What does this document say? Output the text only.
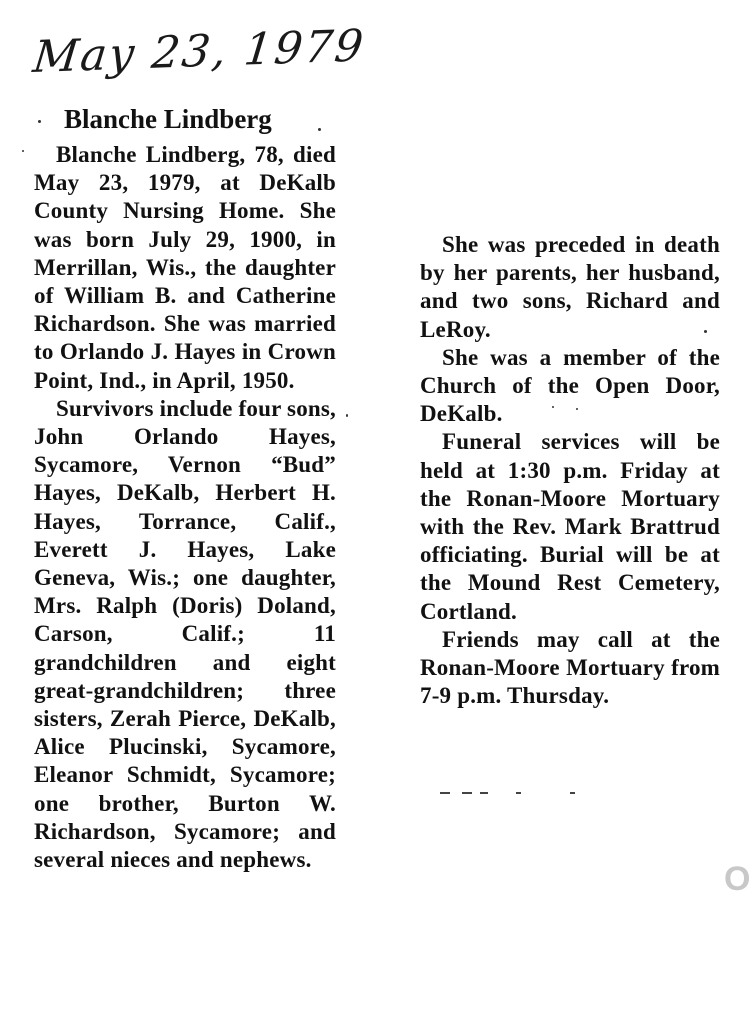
May 23, 1979
Blanche Lindberg

Blanche Lindberg, 78, died May 23, 1979, at DeKalb County Nursing Home. She was born July 29, 1900, in Merrillan, Wis., the daughter of William B. and Catherine Richardson. She was married to Orlando J. Hayes in Crown Point, Ind., in April, 1950.

Survivors include four sons, John Orlando Hayes, Sycamore, Vernon “Bud” Hayes, DeKalb, Herbert H. Hayes, Torrance, Calif., Everett J. Hayes, Lake Geneva, Wis.; one daughter, Mrs. Ralph (Doris) Doland, Carson, Calif.; 11 grandchildren and eight great-grandchildren; three sisters, Zerah Pierce, DeKalb, Alice Plucinski, Sycamore, Eleanor Schmidt, Sycamore; one brother, Burton W. Richardson, Sycamore; and several nieces and nephews.

She was preceded in death by her parents, her husband, and two sons, Richard and LeRoy.

She was a member of the Church of the Open Door, DeKalb.

Funeral services will be held at 1:30 p.m. Friday at the Ronan-Moore Mortuary with the Rev. Mark Brattrud officiating. Burial will be at the Mound Rest Cemetery, Cortland.

Friends may call at the Ronan-Moore Mortuary from 7-9 p.m. Thursday.

O
